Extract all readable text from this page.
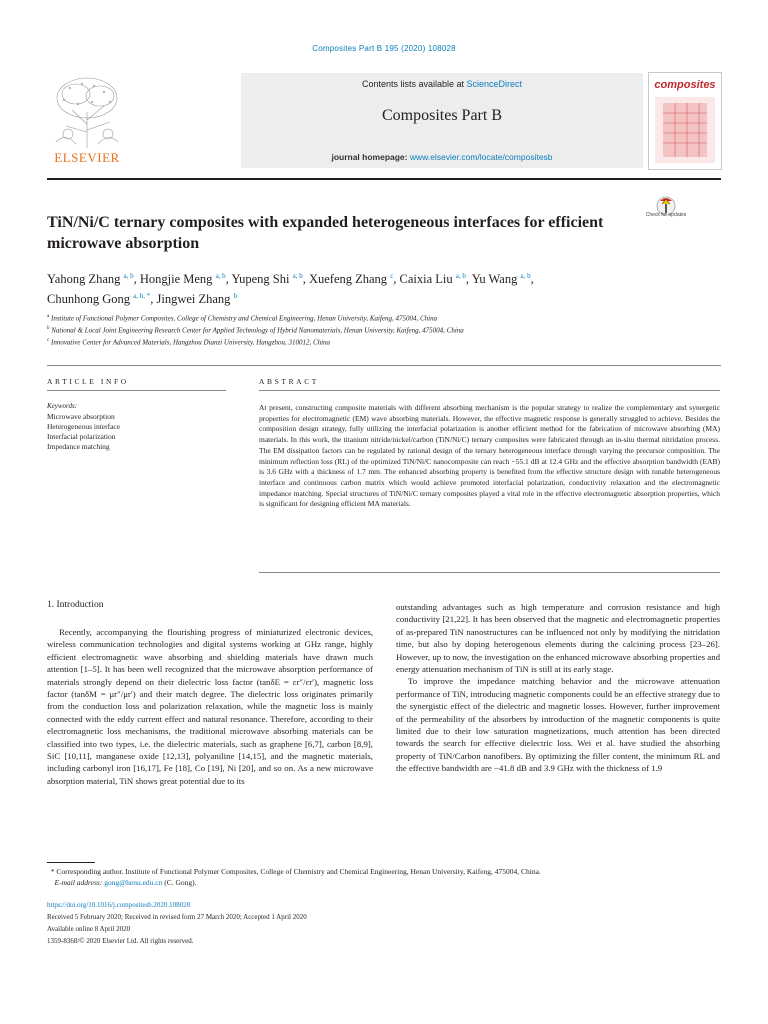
Composites Part B 195 (2020) 108028
ELSEVIER
Contents lists available at ScienceDirect
Composites Part B
journal homepage: www.elsevier.com/locate/compositesb
composites
TiN/Ni/C ternary composites with expanded heterogeneous interfaces for efficient microwave absorption
Check for updates
Yahong Zhang $^{a, b}$, Hongjie Meng $^{a, b}$, Yupeng Shi $^{a, b}$, Xuefeng Zhang $^c$, Caixia Liu $^{a, b}$, Yu Wang $^{a, b}$,
Chunhong Gong $^{a, b, *}$, Jingwei Zhang $^b$
$^a$ Institute of Functional Polymer Composites, College of Chemistry and Chemical Engineering, Henan University, Kaifeng, 475004, China
$^b$ National & Local Joint Engineering Research Center for Applied Technology of Hybrid Nanomaterials, Henan University, Kaifeng, 475004, China
$^c$ Innovative Center for Advanced Materials, Hangzhou Dianzi University, Hangzhou, 310012, China
ARTICLE INFO
Keywords:
Microwave absorption
Heterogeneous interface
Interfacial polarization
Impedance matching
ABSTRACT
At present, constructing composite materials with different absorbing mechanism is the popular strategy to realize the complementary and synergetic properties for electromagnetic (EM) wave absorbing materials. However, the effective magnetic response is generally struggled to achieve. Besides the composition design strategy, fully utilizing the interfacial polarization is another efficient method for the fabrication of microwave absorbing (MA) materials. In this work, the titanium nitride/nickel/carbon (TiN/Ni/C) ternary composites were fabricated through an in-situ thermal nitridation process. The EM dissipation factors can be regulated by rational design of the ternary heterogeneous interface through varying the precursor composition. The minimum reflection loss (RL) of the optimized TiN/Ni/C nanocomposite can reach −55.1 dB at 12.4 GHz and the effective absorption bandwidth (EAB) is 3.6 GHz with a thickness of 1.7 mm. The enhanced absorbing property is benefited from the effective structure design with tunable heterogeneous interface and continuous carbon matrix which would achieve promoted interfacial polarization, conductivity relaxation and the electromagnetic impedance matching. Special structures of TiN/Ni/C ternary composites played a vital role in the effective electromagnetic absorption properties, which is significant for designing efficient MA materials.
1. Introduction

Recently, accompanying the flourishing progress of miniaturized electronic devices, wireless communication technologies and digital systems working at GHz range, highly efficient electromagnetic wave absorbing and shielding materials have drawn much attention [1–5]. It has been well recognized that the microwave absorption performance of materials strongly depend on their dielectric loss factor (tanδE = εr″/εr′), magnetic loss factor (tanδM = μr″/μr′) and their match degree. The dielectric loss originates primarily from the conduction loss and polarization relaxation, while the magnetic loss is mainly connected with the eddy current effect and natural resonance. Therefore, according to their electromagnetic loss mechanisms, the traditional microwave absorbing materials can be classified into two types, i.e. the dielectric materials, such as graphene [6,7], carbon [8,9], SiC [10,11], manganese oxide [12,13], polyaniline [14,15], and the magnetic materials, including carbonyl iron [16,17], Fe [18], Co [19], Ni [20], and so on. As a new microwave absorption material, TiN shows great potential due to its

outstanding advantages such as high temperature and corrosion resistance and high conductivity [21,22]. It has been observed that the magnetic and electromagnetic properties of as-prepared TiN nanostructures can be influenced not only by modifying the nitridation time, but also by doping heterogenous elements during the calcining process [23–26]. However, up to now, the investigation on the enhanced microwave absorbing properties and energy attenuation mechanism of TiN is still at its early stage.

To improve the impedance matching behavior and the microwave attenuation performance of TiN, introducing magnetic components could be an effective strategy due to the synergistic effect of the dielectric and magnetic losses. However, further improvement of the permeability of the absorbers by introduction of the magnetic components is quite limited due to their low saturation magnetizations, much attention has been directed towards the search for effective dielectric loss. Wei et al. have studied the absorbing property of TiN/Carbon nanofibers. By optimizing the filler content, the minimum RL and the effective bandwidth are −41.8 dB and 3.9 GHz with the thickness of 1.9

* Corresponding author. Institute of Functional Polymer Composites, College of Chemistry and Chemical Engineering, Henan University, Kaifeng, 475004, China.
E-mail address: gong@henu.edu.cn (C. Gong).
https://doi.org/10.1016/j.compositesb.2020.108028
Received 5 February 2020; Received in revised form 27 March 2020; Accepted 1 April 2020
Available online 8 April 2020
1359-8368/© 2020 Elsevier Ltd. All rights reserved.
